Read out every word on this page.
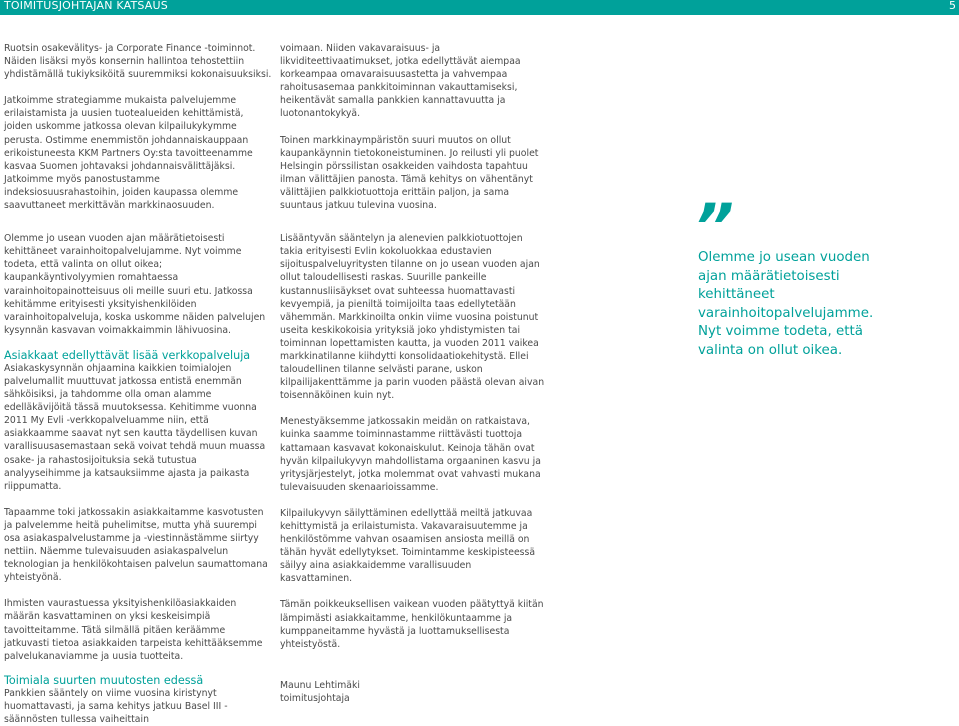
TOIMITUSJOHTAJAN KATSAUS	5

Ruotsin osakevälitys- ja Corporate Finance -toiminnot. Näiden lisäksi myös konsernin hallintoa tehostettiin yhdistämällä tukiyksiköitä suuremmiksi kokonaisuuksiksi.

Jatkoimme strategiamme mukaista palvelujemme erilaistamista ja uusien tuotealueiden kehittämistä, joiden uskomme jatkossa olevan kilpailukykymme perusta. Ostimme enemmistön johdannaiskauppaan erikoistuneesta KKM Partners Oy:sta tavoitteenamme kasvaa Suomen johtavaksi johdannaisvälittäjäksi. Jatkoimme myös panostustamme indeksiosuusrahastoihin, joiden kaupassa olemme saavuttaneet merkittävän markkinaosuuden.

Olemme jo usean vuoden ajan määrätietoisesti kehittäneet varainhoitopalvelujamme. Nyt voimme todeta, että valinta on ollut oikea; kaupankäyntivolyymien romahtaessa varainhoitopainotteisuus oli meille suuri etu. Jatkossa kehitämme erityisesti yksityishenkilöiden varainhoitopalveluja, koska uskomme näiden palvelujen kysynnän kasvavan voimakkaimmin lähivuosina.

Asiakkaat edellyttävät lisää verkkopalveluja

Asiakaskysynnän ohjaamina kaikkien toimialojen palvelumallit muuttuvat jatkossa entistä enemmän sähköisiksi, ja tahdomme olla oman alamme edelläkävijöitä tässä muutoksessa. Kehitimme vuonna 2011 My Evli -verkkopalveluamme niin, että asiakkaamme saavat nyt sen kautta täydellisen kuvan varallisuusasemastaan sekä voivat tehdä muun muassa osake- ja rahastosijoituksia sekä tutustua analyyseihimme ja katsauksiimme ajasta ja paikasta riippumatta.

Tapaamme toki jatkossakin asiakkaitamme kasvotusten ja palvelemme heitä puhelimitse, mutta yhä suurempi osa asiakaspalvelustamme ja -viestinnästämme siirtyy nettiin. Näemme tulevaisuuden asiakaspalvelun teknologian ja henkilökohtaisen palvelun saumattomana yhteistyönä.

Ihmisten vaurastuessa yksityishenkilöasiakkaiden määrän kasvattaminen on yksi keskeisimpiä tavoitteitamme. Tätä silmällä pitäen keräämme jatkuvasti tietoa asiakkaiden tarpeista kehittääksemme palvelukanaviamme ja uusia tuotteita.

Toimiala suurten muutosten edessä

Pankkien sääntely on viime vuosina kiristynyt huomattavasti, ja sama kehitys jatkuu Basel III -säännösten tullessa vaiheittain

voimaan. Niiden vakavaraisuus- ja likviditeettivaatimukset, jotka edellyttävät aiempaa korkeampaa omavaraisuusastetta ja vahvempaa rahoitusasemaa pankkitoiminnan vakauttamiseksi, heikentävät samalla pankkien kannattavuutta ja luotonantokykyä.

Toinen markkinaympäristön suuri muutos on ollut kaupankäynnin tietokoneistuminen. Jo reilusti yli puolet Helsingin pörssilistan osakkeiden vaihdosta tapahtuu ilman välittäjien panosta. Tämä kehitys on vähentänyt välittäjien palkkiotuottoja erittäin paljon, ja sama suuntaus jatkuu tulevina vuosina.

Lisääntyvän sääntelyn ja alenevien palkkiotuottojen takia erityisesti Evlin kokoluokkaa edustavien sijoituspalveluyritysten tilanne on jo usean vuoden ajan ollut taloudellisesti raskas. Suurille pankeille kustannusliisäykset ovat suhteessa huomattavasti kevyempiä, ja pieniltä toimijoilta taas edellytetään vähemmän. Markkinoilta onkin viime vuosina poistunut useita keskikokoisia yrityksiä joko yhdistymisten tai toiminnan lopettamisten kautta, ja vuoden 2011 vaikea markkinatilanne kiihdytti konsolidaatiokehitystä. Ellei taloudellinen tilanne selvästi parane, uskon kilpailijakenttämme ja parin vuoden päästä olevan aivan toisennäköinen kuin nyt.

Menestyäksemme jatkossakin meidän on ratkaistava, kuinka saamme toiminnastamme riittävästi tuottoja kattamaan kasvavat kokonaiskulut. Keinoja tähän ovat hyvän kilpailukyvyn mahdollistama orgaaninen kasvu ja yritysjärjestelyt, jotka molemmat ovat vahvasti mukana tulevaisuuden skenaarioissamme.

Kilpailukyvyn säilyttäminen edellyttää meiltä jatkuvaa kehittymistä ja erilaistumista. Vakavaraisuutemme ja henkilöstömme vahvan osaamisen ansiosta meillä on tähän hyvät edellytykset. Toimintamme keskipisteessä säilyy aina asiakkaidemme varallisuuden kasvattaminen.

Tämän poikkeuksellisen vaikean vuoden päätyttyä kiitän lämpimästi asiakkaitamme, henkilökuntaamme ja kumppaneitamme hyvästä ja luottamuksellisesta yhteistyöstä.

Maunu Lehtimäki

toimitusjohtaja

”
Olemme jo usean vuoden ajan määrätietoisesti kehittäneet varainhoitopalvelujamme. Nyt voimme todeta, että valinta on ollut oikea.
